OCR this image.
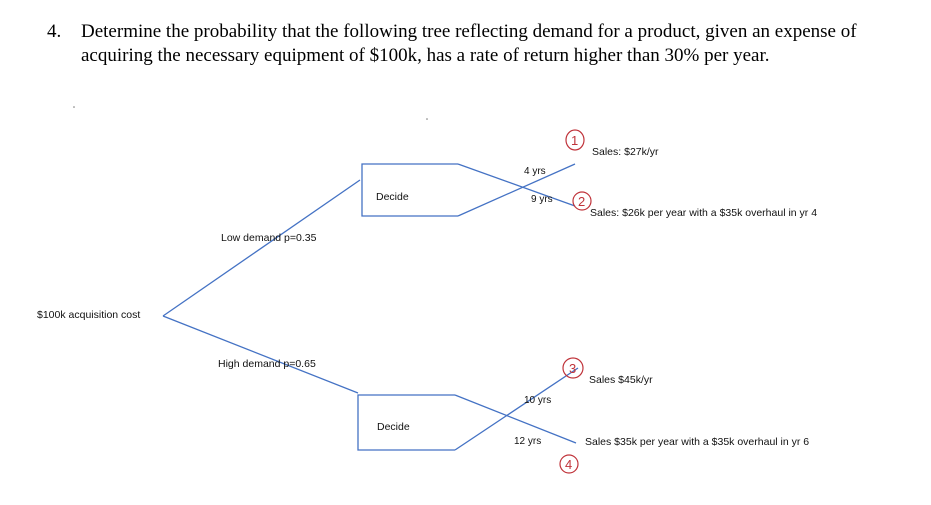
4. Determine the probability that the following tree reflecting demand for a product, given an expense of
acquiring the necessary equipment of $100k, has a rate of return higher than 30% per year.
$100k acquisition cost
Low demand p=0.35
High demand p=0.65
Decide
Decide
4 yrs
9 yrs
10 yrs
12 yrs
Sales: $27k/yr
Sales: $26k per year with a $35k overhaul in yr 4
Sales $45k/yr
Sales $35k per year with a $35k overhaul in yr 6
1
2
3
4
